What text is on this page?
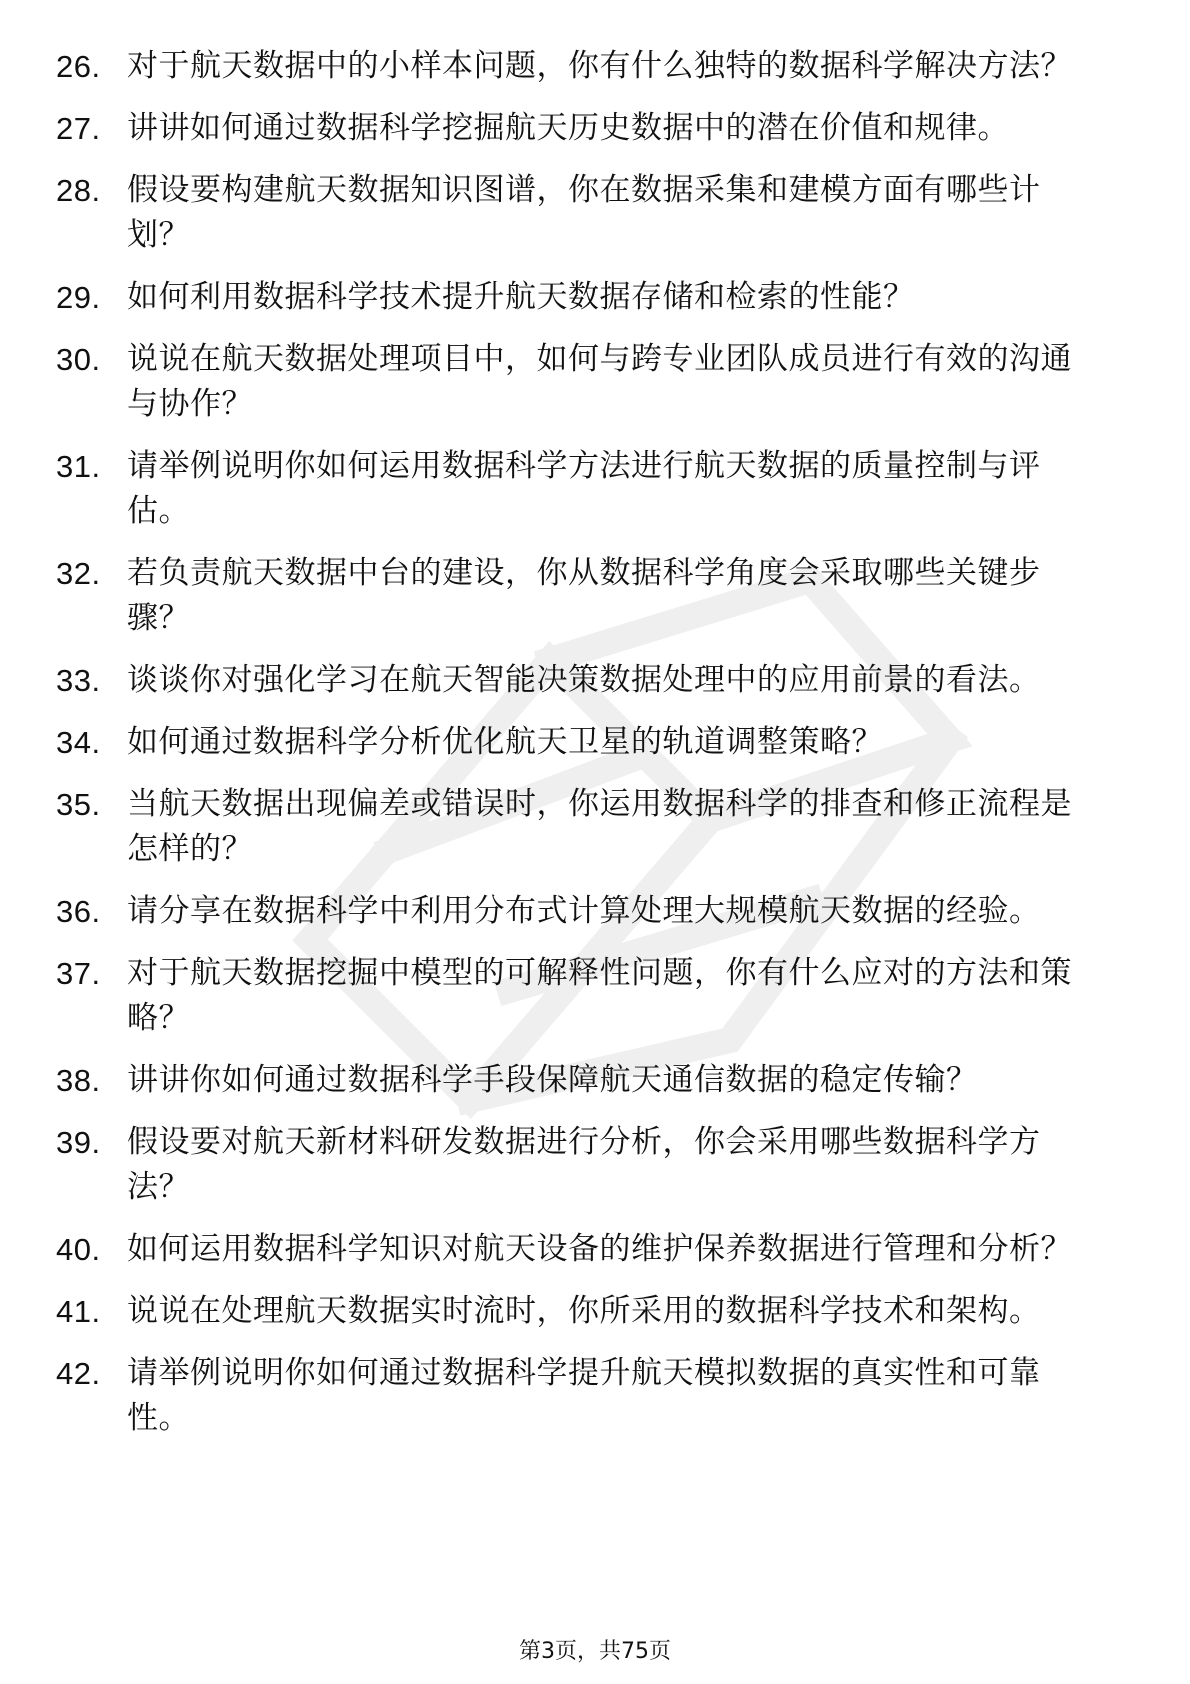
26. 对于航天数据中的小样本问题，你有什么独特的数据科学解决方法？
27. 讲讲如何通过数据科学挖掘航天历史数据中的潜在价值和规律。
28. 假设要构建航天数据知识图谱，你在数据采集和建模方面有哪些计划？
29. 如何利用数据科学技术提升航天数据存储和检索的性能？
30. 说说在航天数据处理项目中，如何与跨专业团队成员进行有效的沟通与协作？
31. 请举例说明你如何运用数据科学方法进行航天数据的质量控制与评估。
32. 若负责航天数据中台的建设，你从数据科学角度会采取哪些关键步骤？
33. 谈谈你对强化学习在航天智能决策数据处理中的应用前景的看法。
34. 如何通过数据科学分析优化航天卫星的轨道调整策略？
35. 当航天数据出现偏差或错误时，你运用数据科学的排查和修正流程是怎样的？
36. 请分享在数据科学中利用分布式计算处理大规模航天数据的经验。
37. 对于航天数据挖掘中模型的可解释性问题，你有什么应对的方法和策略？
38. 讲讲你如何通过数据科学手段保障航天通信数据的稳定传输？
39. 假设要对航天新材料研发数据进行分析，你会采用哪些数据科学方法？
40. 如何运用数据科学知识对航天设备的维护保养数据进行管理和分析？
41. 说说在处理航天数据实时流时，你所采用的数据科学技术和架构。
42. 请举例说明你如何通过数据科学提升航天模拟数据的真实性和可靠性。
第3页，共75页
